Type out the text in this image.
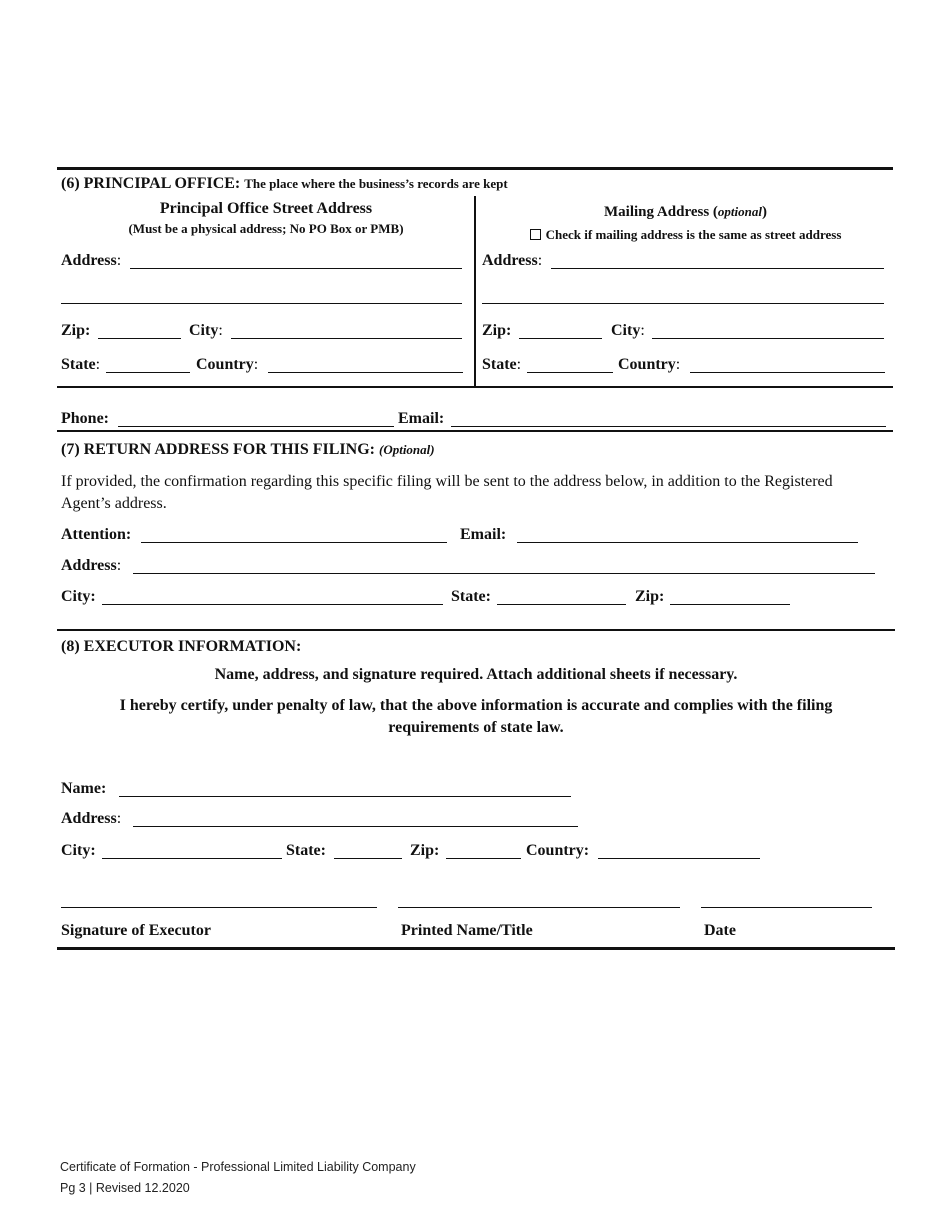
(6) PRINCIPAL OFFICE: The place where the business’s records are kept
Principal Office Street Address
(Must be a physical address; No PO Box or PMB)
Address:
Zip:	City:
State:	Country:
Mailing Address (optional)
Check if mailing address is the same as street address
Address:
Zip:	City:
State:	Country:
Phone:	Email:
(7) RETURN ADDRESS FOR THIS FILING: (Optional)
If provided, the confirmation regarding this specific filing will be sent to the address below, in addition to the Registered
Agent’s address.
Attention:	Email:
Address:
City:	State:	Zip:
(8) EXECUTOR INFORMATION:
Name, address, and signature required. Attach additional sheets if necessary.
I hereby certify, under penalty of law, that the above information is accurate and complies with the filing
requirements of state law.
Name:
Address:
City:	State:	Zip:	Country:
Signature of Executor	Printed Name/Title	Date
Certificate of Formation - Professional Limited Liability Company
Pg 3 | Revised 12.2020
